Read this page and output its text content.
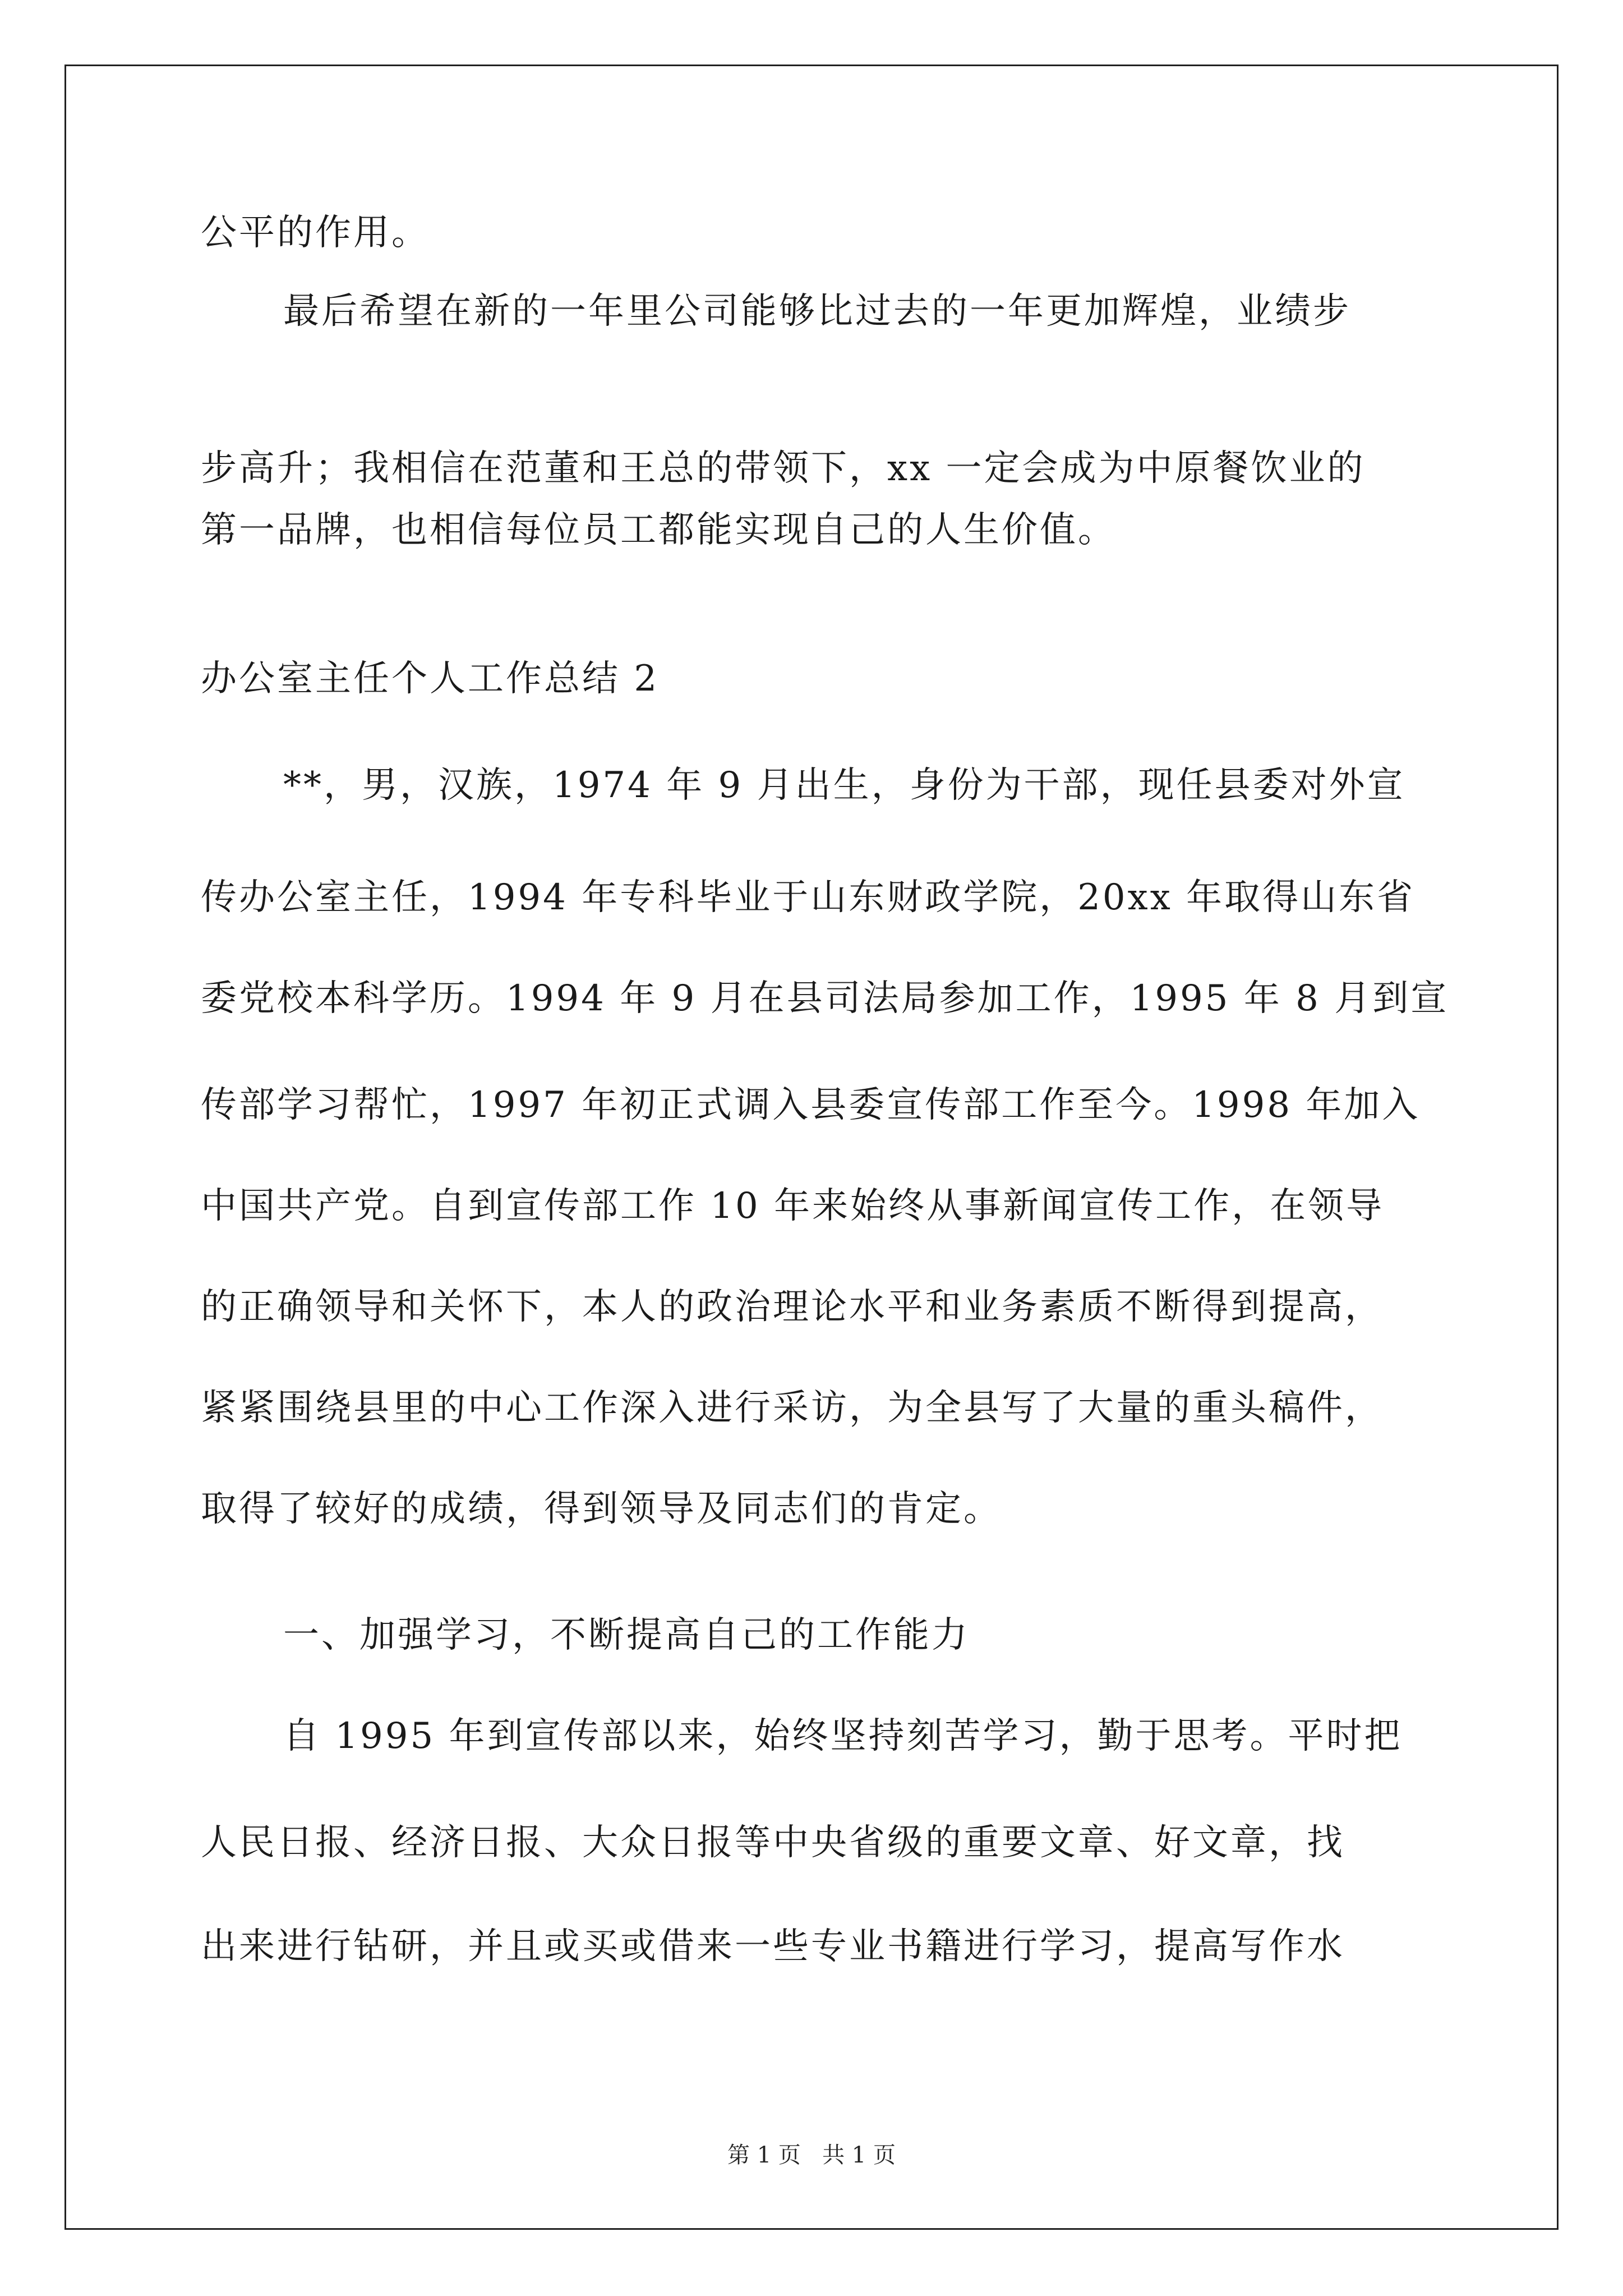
公平的作用。
最后希望在新的一年里公司能够比过去的一年更加辉煌，业绩步
步高升；我相信在范董和王总的带领下，xx 一定会成为中原餐饮业的
第一品牌，也相信每位员工都能实现自己的人生价值。
办公室主任个人工作总结 2
**，男，汉族，1974 年 9 月出生，身份为干部，现任县委对外宣
传办公室主任，1994 年专科毕业于山东财政学院，20xx 年取得山东省
委党校本科学历。1994 年 9 月在县司法局参加工作，1995 年 8 月到宣
传部学习帮忙，1997 年初正式调入县委宣传部工作至今。1998 年加入
中国共产党。自到宣传部工作 10 年来始终从事新闻宣传工作，在领导
的正确领导和关怀下，本人的政治理论水平和业务素质不断得到提高，
紧紧围绕县里的中心工作深入进行采访，为全县写了大量的重头稿件，
取得了较好的成绩，得到领导及同志们的肯定。
一、加强学习，不断提高自己的工作能力
自 1995 年到宣传部以来，始终坚持刻苦学习，勤于思考。平时把
人民日报、经济日报、大众日报等中央省级的重要文章、好文章，找
出来进行钻研，并且或买或借来一些专业书籍进行学习，提高写作水
第 1 页   共 1 页
